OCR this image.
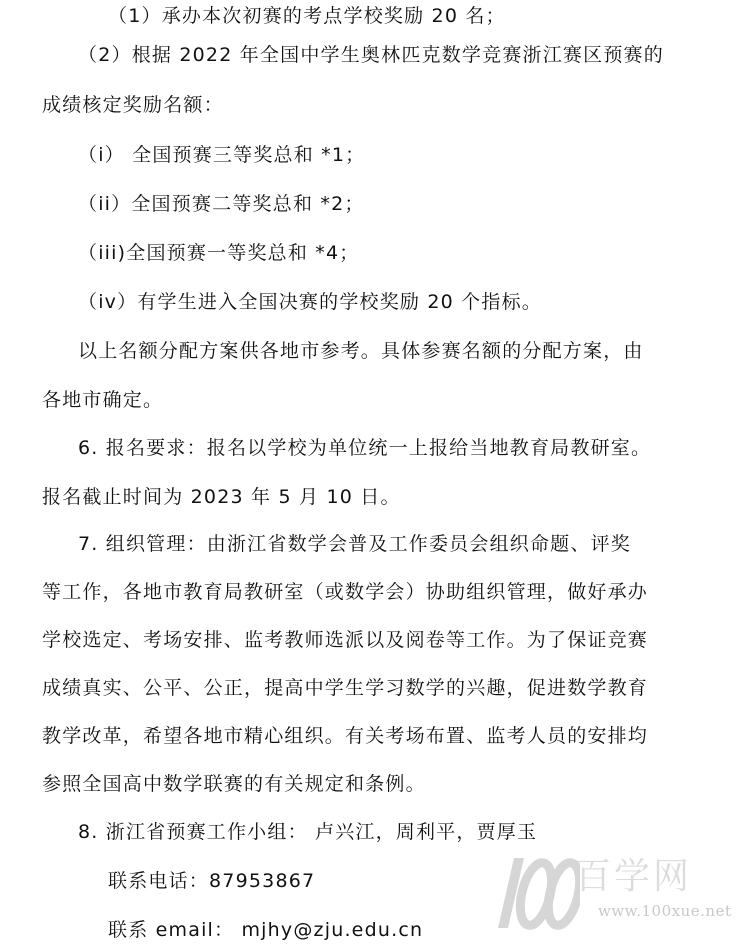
（1）承办本次初赛的考点学校奖励 20 名；
（2）根据 2022 年全国中学生奥林匹克数学竞赛浙江赛区预赛的
成绩核定奖励名额：
（i） 全国预赛三等奖总和 *1；
（ii）全国预赛二等奖总和 *2；
（iii)全国预赛一等奖总和 *4；
（iv）有学生进入全国决赛的学校奖励 20 个指标。
以上名额分配方案供各地市参考。具体参赛名额的分配方案，由
各地市确定。
6. 报名要求：报名以学校为单位统一上报给当地教育局教研室。
报名截止时间为 2023 年 5 月 10 日。
7. 组织管理：由浙江省数学会普及工作委员会组织命题、评奖
等工作，各地市教育局教研室（或数学会）协助组织管理，做好承办
学校选定、考场安排、监考教师选派以及阅卷等工作。为了保证竞赛
成绩真实、公平、公正，提高中学生学习数学的兴趣，促进数学教育
教学改革，希望各地市精心组织。有关考场布置、监考人员的安排均
参照全国高中数学联赛的有关规定和条例。
8. 浙江省预赛工作小组： 卢兴江，周利平，贾厚玉
联系电话：87953867
联系 email： mjhy@zju.edu.cn
百学网
www.100xue.net
